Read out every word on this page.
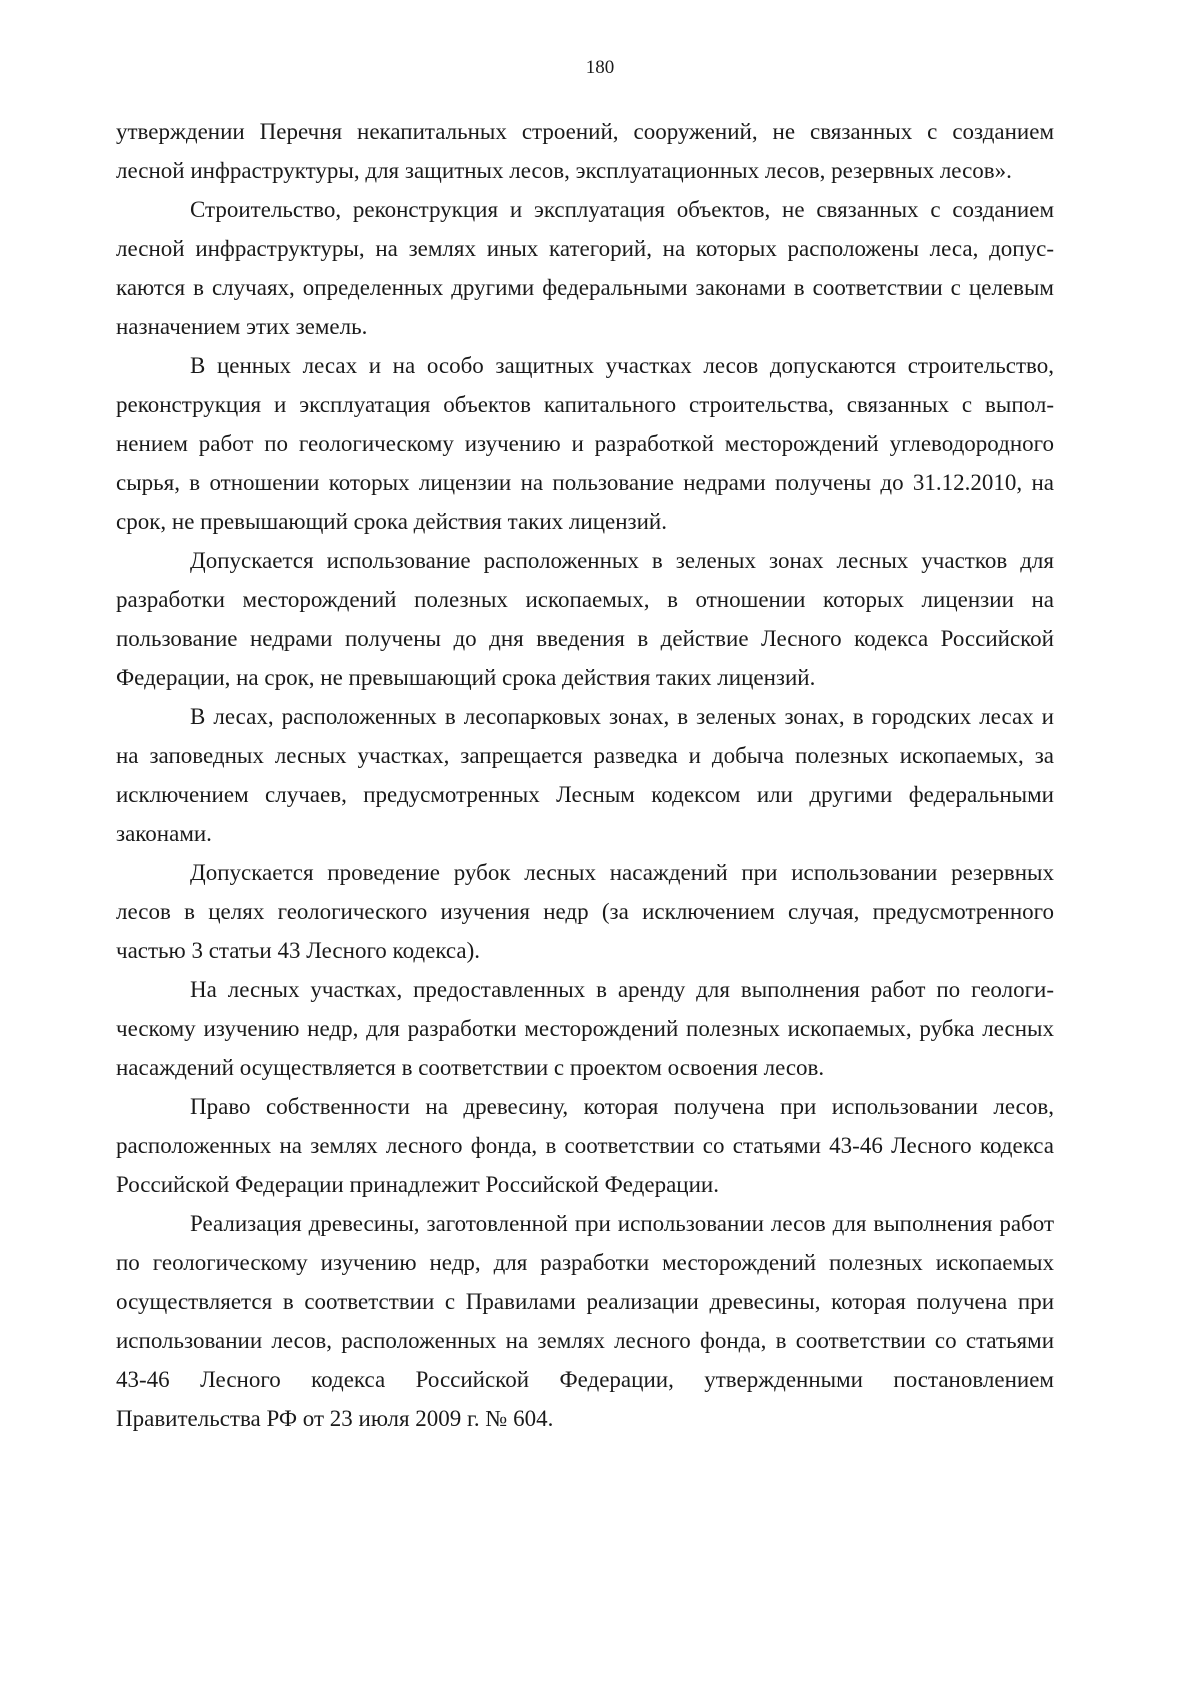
180

утверждении Перечня некапитальных строений, сооружений, не связанных с созданием лесной инфраструктуры, для защитных лесов, эксплуатационных лесов, резервных лесов».

Строительство, реконструкция и эксплуатация объектов, не связанных с созданием лесной инфраструктуры, на землях иных категорий, на которых расположены леса, допускаются в случаях, определенных другими федеральными законами в соответствии с целевым назначением этих земель.

В ценных лесах и на особо защитных участках лесов допускаются строительство, реконструкция и эксплуатация объектов капитального строительства, связанных с выполнением работ по геологическому изучению и разработкой месторождений углеводородного сырья, в отношении которых лицензии на пользование недрами получены до 31.12.2010, на срок, не превышающий срока действия таких лицензий.

Допускается использование расположенных в зеленых зонах лесных участков для разработки месторождений полезных ископаемых, в отношении которых лицензии на пользование недрами получены до дня введения в действие Лесного кодекса Российской Федерации, на срок, не превышающий срока действия таких лицензий.

В лесах, расположенных в лесопарковых зонах, в зеленых зонах, в городских лесах и на заповедных лесных участках, запрещается разведка и добыча полезных ископаемых, за исключением случаев, предусмотренных Лесным кодексом или другими федеральными законами.

Допускается проведение рубок лесных насаждений при использовании резервных лесов в целях геологического изучения недр (за исключением случая, предусмотренного частью 3 статьи 43 Лесного кодекса).

На лесных участках, предоставленных в аренду для выполнения работ по геологическому изучению недр, для разработки месторождений полезных ископаемых, рубка лесных насаждений осуществляется в соответствии с проектом освоения лесов.

Право собственности на древесину, которая получена при использовании лесов, расположенных на землях лесного фонда, в соответствии со статьями 43-46 Лесного кодекса Российской Федерации принадлежит Российской Федерации.

Реализация древесины, заготовленной при использовании лесов для выполнения работ по геологическому изучению недр, для разработки месторождений полезных ископаемых осуществляется в соответствии с Правилами реализации древесины, которая получена при использовании лесов, расположенных на землях лесного фонда, в соответствии со статьями 43-46 Лесного кодекса Российской Федерации, утвержденными постановлением Правительства РФ от 23 июля 2009 г. № 604.
